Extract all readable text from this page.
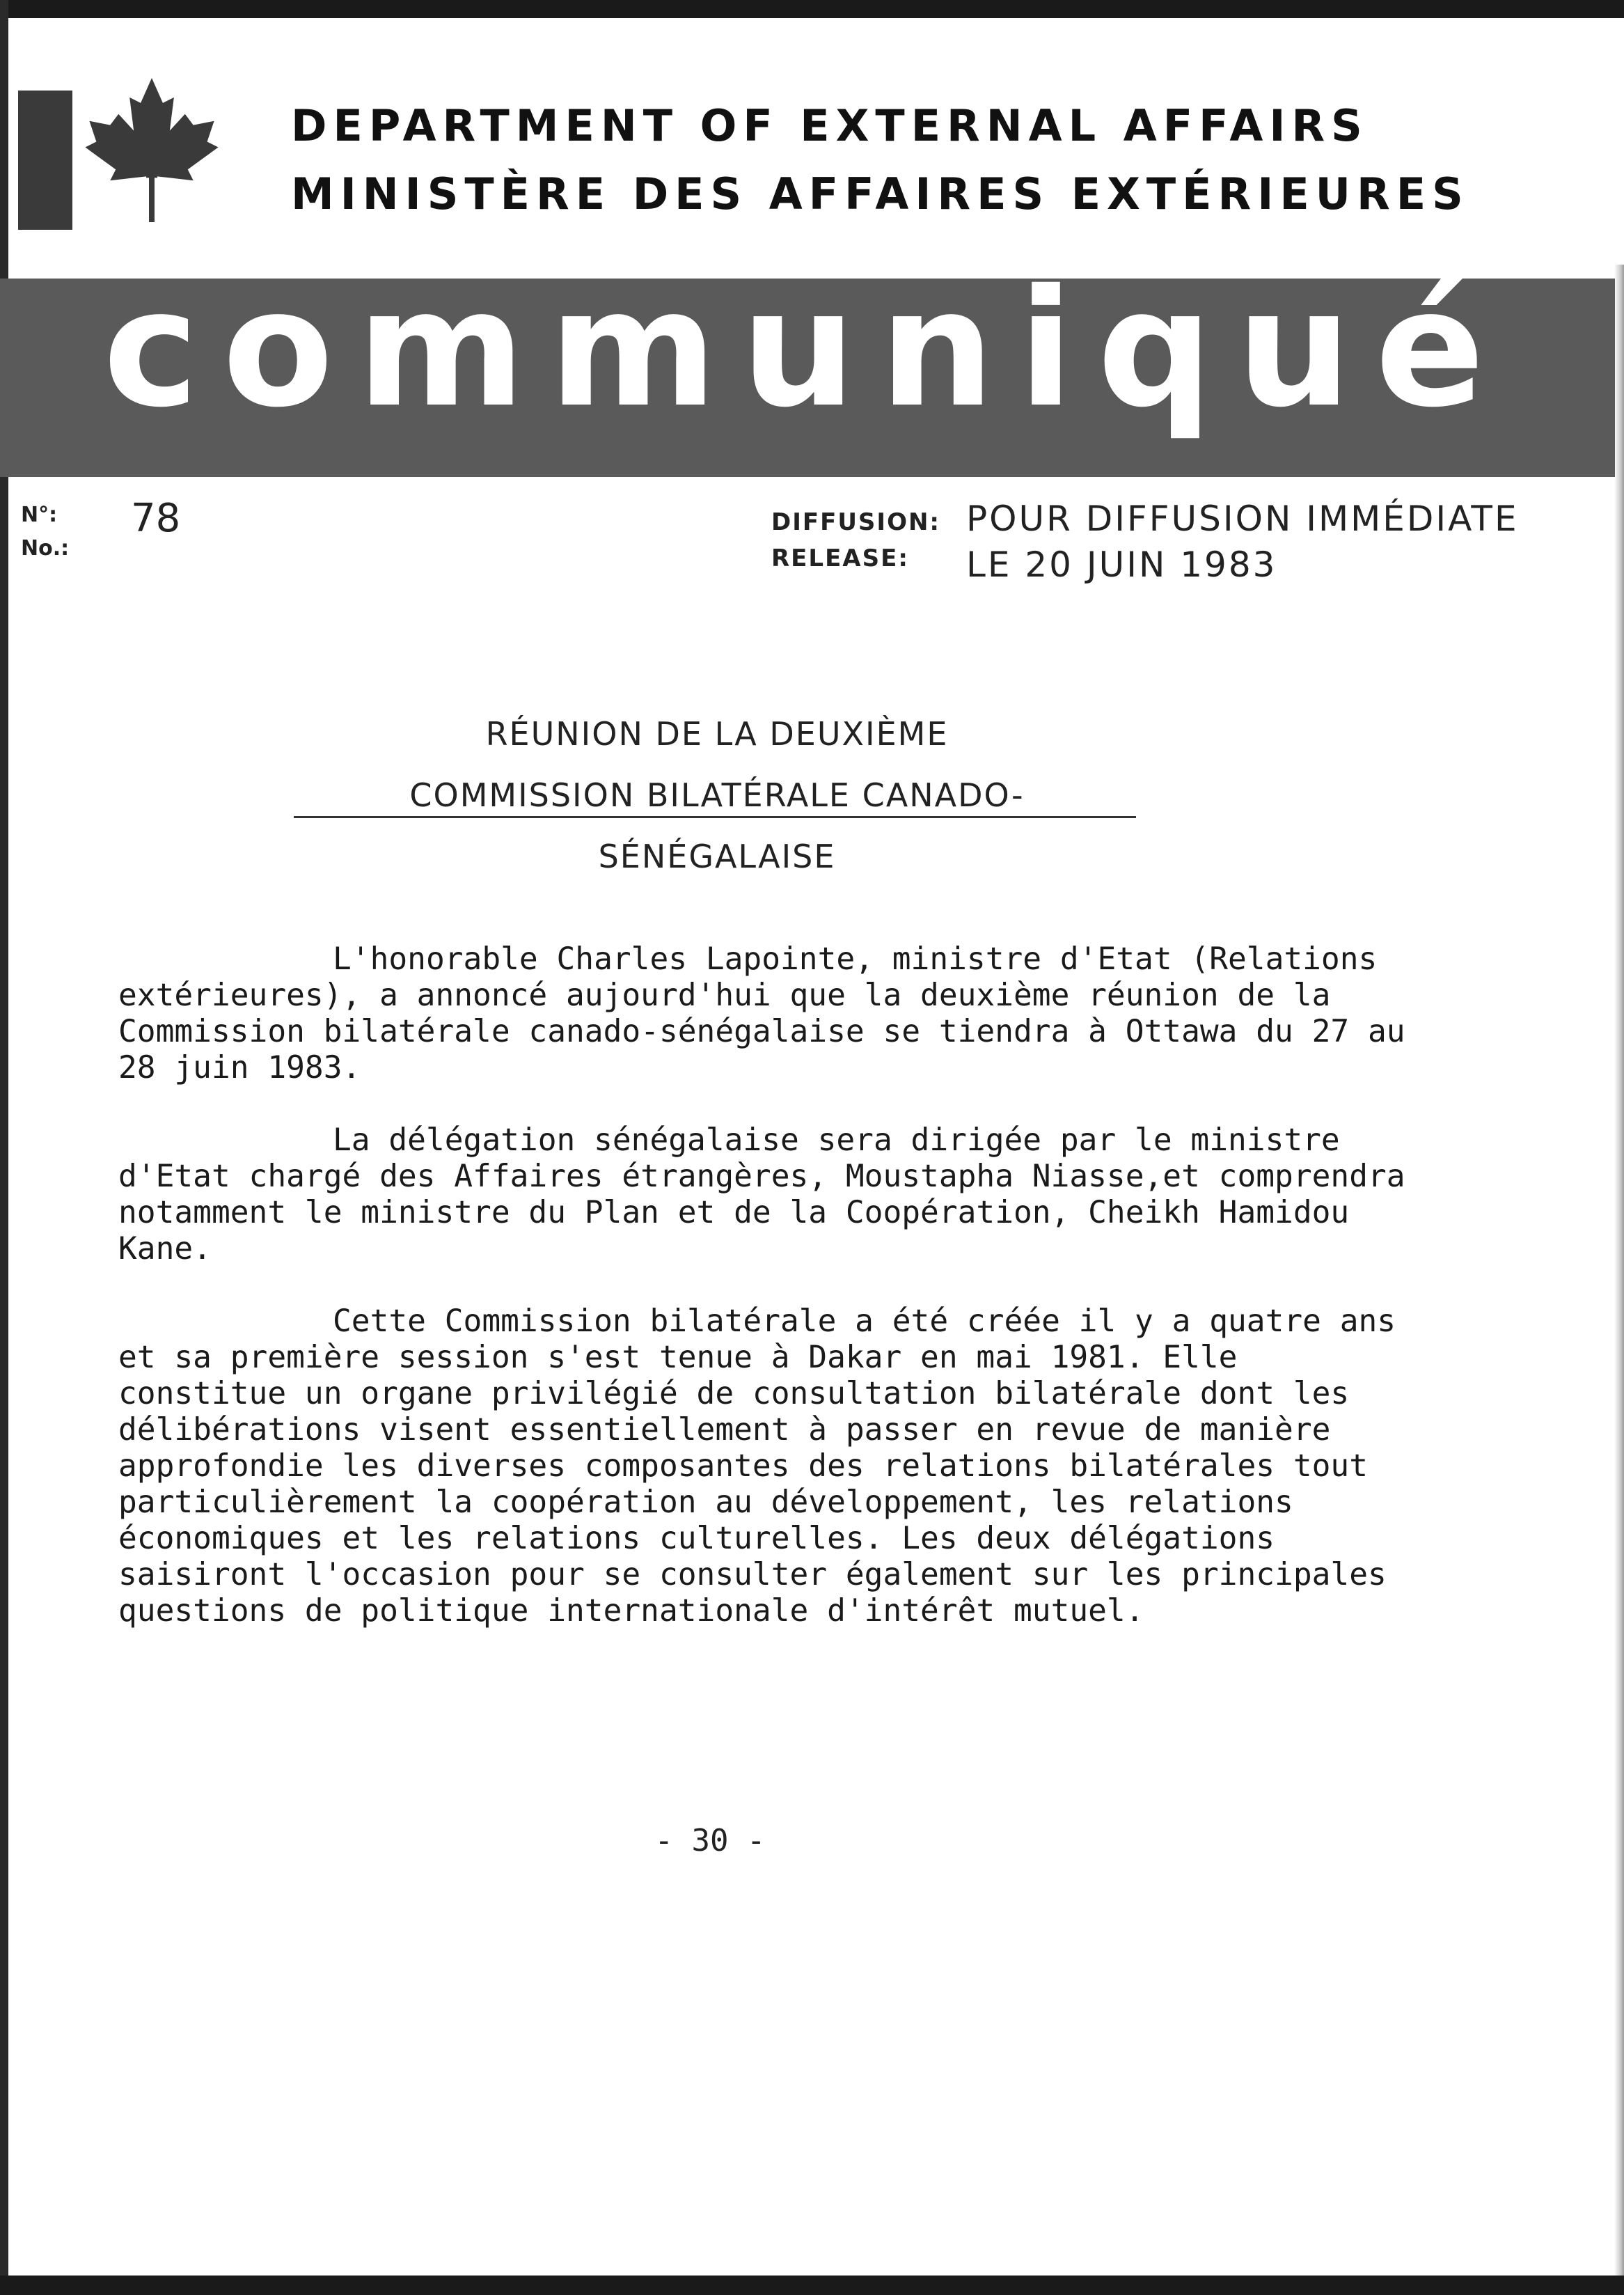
DEPARTMENT OF EXTERNAL AFFAIRS
MINISTÈRE DES AFFAIRES EXTÉRIEURES
communiqué
N°:
No.:
78	DIFFUSION:
RELEASE:
POUR DIFFUSION IMMÉDIATE
LE 20 JUIN 1983
RÉUNION DE LA DEUXIÈME
COMMISSION BILATÉRALE CANADO-SÉNÉGALAISE

L'honorable Charles Lapointe, ministre d'Etat (Relations extérieures), a annoncé aujourd'hui que la deuxième réunion de la Commission bilatérale canado-sénégalaise se tiendra à Ottawa du 27 au 28 juin 1983.

La délégation sénégalaise sera dirigée par le ministre d'Etat chargé des Affaires étrangères, Moustapha Niasse,et comprendra notamment le ministre du Plan et de la Coopération, Cheikh Hamidou Kane.

Cette Commission bilatérale a été créée il y a quatre ans et sa première session s'est tenue à Dakar en mai 1981. Elle constitue un organe privilégié de consultation bilatérale dont les délibérations visent essentiellement à passer en revue de manière approfondie les diverses composantes des relations bilatérales tout particulièrement la coopération au développement, les relations économiques et les relations culturelles. Les deux délégations saisiront l'occasion pour se consulter également sur les principales questions de politique internationale d'intérêt mutuel.

- 30 -
